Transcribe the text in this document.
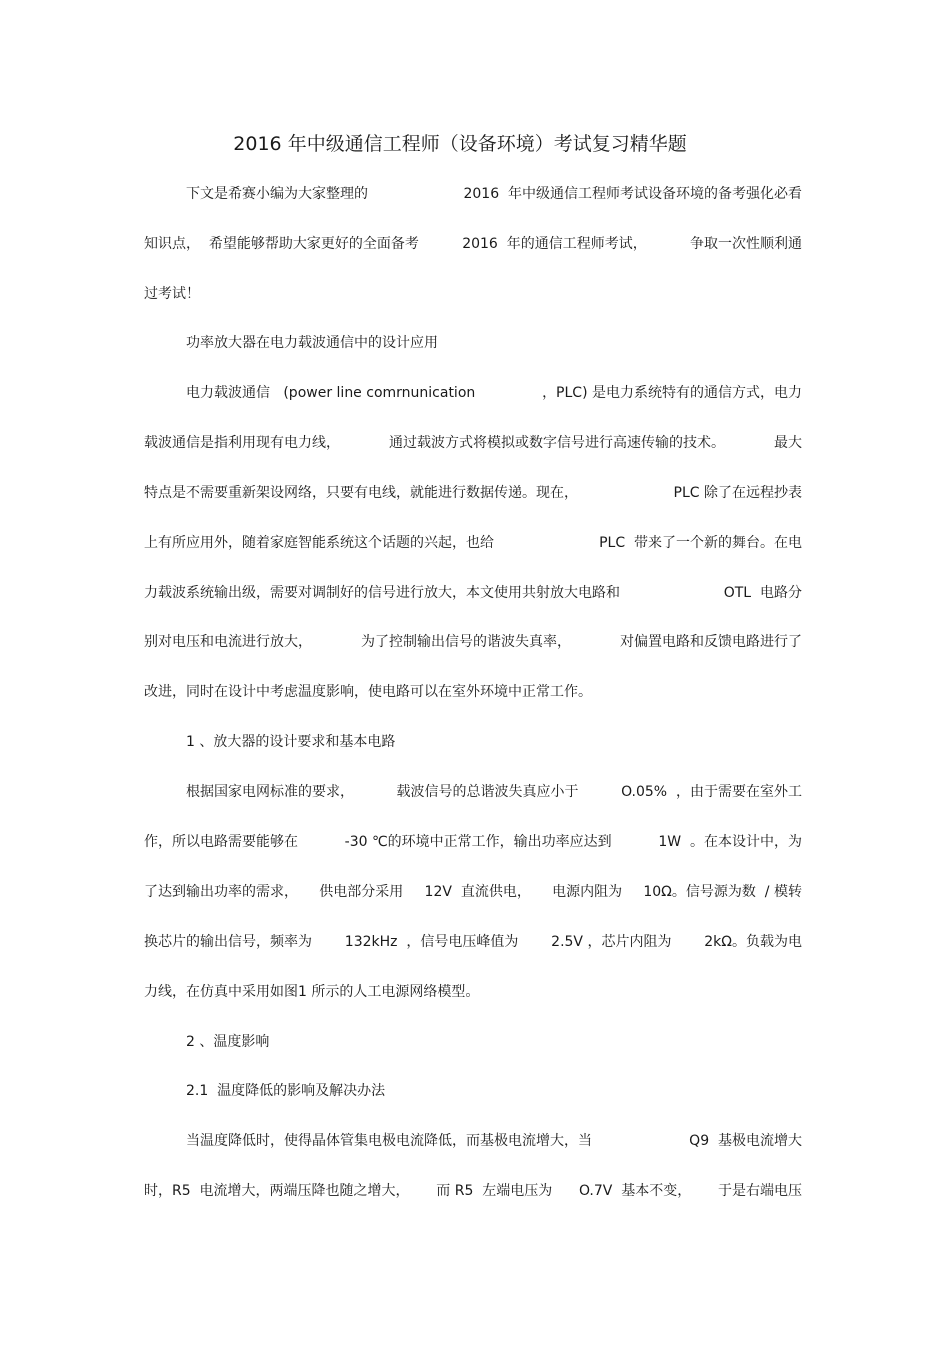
2016 年中级通信工程师（设备环境）考试复习精华题
下文是希赛小编为大家整理的	2016  年中级通信工程师考试设备环境的备考强化必看
知识点，  希望能够帮助大家更好的全面备考	2016  年的通信工程师考试，	争取一次性顺利通
过考试！
功率放大器在电力载波通信中的设计应用
电力载波通信   (power line comrnunication	，PLC) 是电力系统特有的通信方式，电力
载波通信是指利用现有电力线，	通过载波方式将模拟或数字信号进行高速传输的技术。	最大
特点是不需要重新架设网络，只要有电线，就能进行数据传递。现在，	PLC 除了在远程抄表
上有所应用外，随着家庭智能系统这个话题的兴起，也给	PLC  带来了一个新的舞台。在电
力载波系统输出级，需要对调制好的信号进行放大，本文使用共射放大电路和	OTL  电路分
别对电压和电流进行放大，	为了控制输出信号的谐波失真率，	对偏置电路和反馈电路进行了
改进，同时在设计中考虑温度影响，使电路可以在室外环境中正常工作。
1 、放大器的设计要求和基本电路
根据国家电网标准的要求，	载波信号的总谐波失真应小于	O.05%  ，由于需要在室外工
作，所以电路需要能够在	-30 ℃的环境中正常工作，输出功率应达到	1W  。在本设计中，为
了达到输出功率的需求， 供电部分采用 12V  直流供电， 电源内阻为 10Ω。信号源为数  / 模转
换芯片的输出信号，频率为 132kHz  ，信号电压峰值为 2.5V ，芯片内阻为 2kΩ。负载为电
力线，在仿真中采用如图1 所示的人工电源网络模型。
2 、温度影响
2.1  温度降低的影响及解决办法
当温度降低时，使得晶体管集电极电流降低，而基极电流增大，当	Q9  基极电流增大
时，R5  电流增大，两端压降也随之增大， 而 R5  左端电压为 O.7V  基本不变， 于是右端电压
